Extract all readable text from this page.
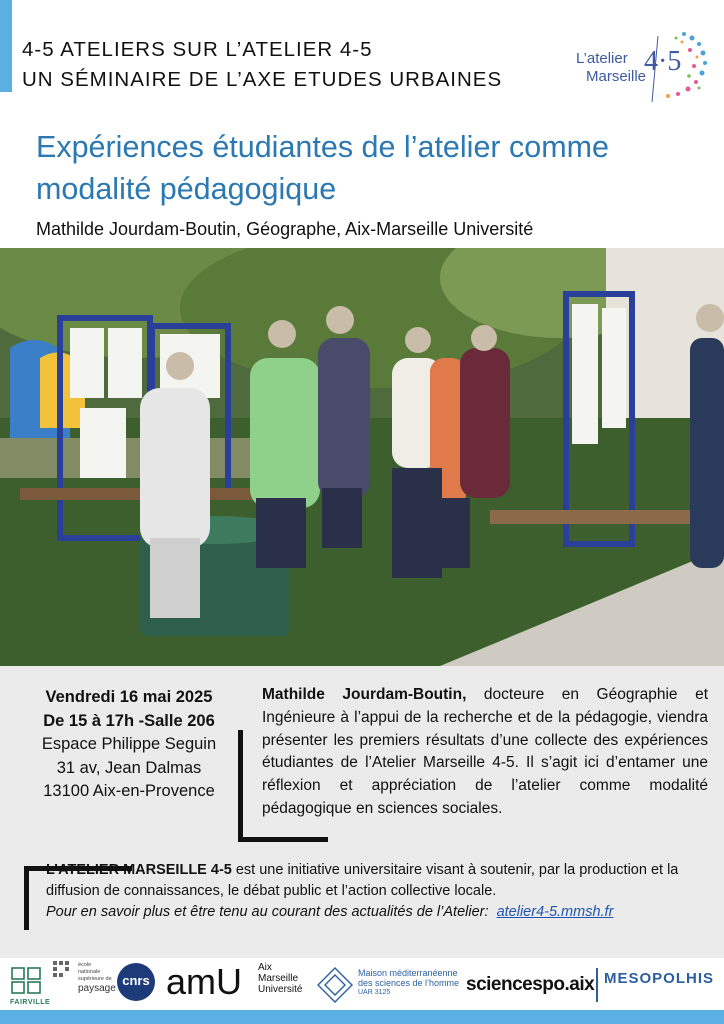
4-5 ATELIERS SUR L’ATELIER 4-5
UN SÉMINAIRE DE L’AXE ETUDES URBAINES
L’atelier
Marseille
4·5
Expériences étudiantes de l’atelier comme modalité pédagogique
Mathilde Jourdam-Boutin, Géographe, Aix-Marseille Université
Vendredi 16 mai 2025
De 15 à 17h -Salle 206
Espace Philippe Seguin
31 av, Jean Dalmas
13100 Aix-en-Provence
Mathilde Jourdam-Boutin, docteure en Géographie et Ingénieure à l’appui de la recherche et de la pédagogie, viendra présenter les premiers résultats d’une collecte des expériences étudiantes de l’Atelier Marseille 4-5. Il s’agit ici d’entamer une réflexion et appréciation de l’atelier comme modalité pédagogique en sciences sociales.
L’ATELIER MARSEILLE 4-5 est une initiative universitaire visant à soutenir, par la production et la diffusion de connaissances, le débat public et l’action collective locale.
Pour en savoir plus et être tenu au courant des actualités de l’Atelier: atelier4-5.mmsh.fr
FAIRVILLE
école
nationale
supérieure de
paysage
cnrs amU Aix
Marseille
Université
Maison méditerranéenne
des sciences de l’homme
UAR 3125	sciencespo.aix MESOPOLHIS
